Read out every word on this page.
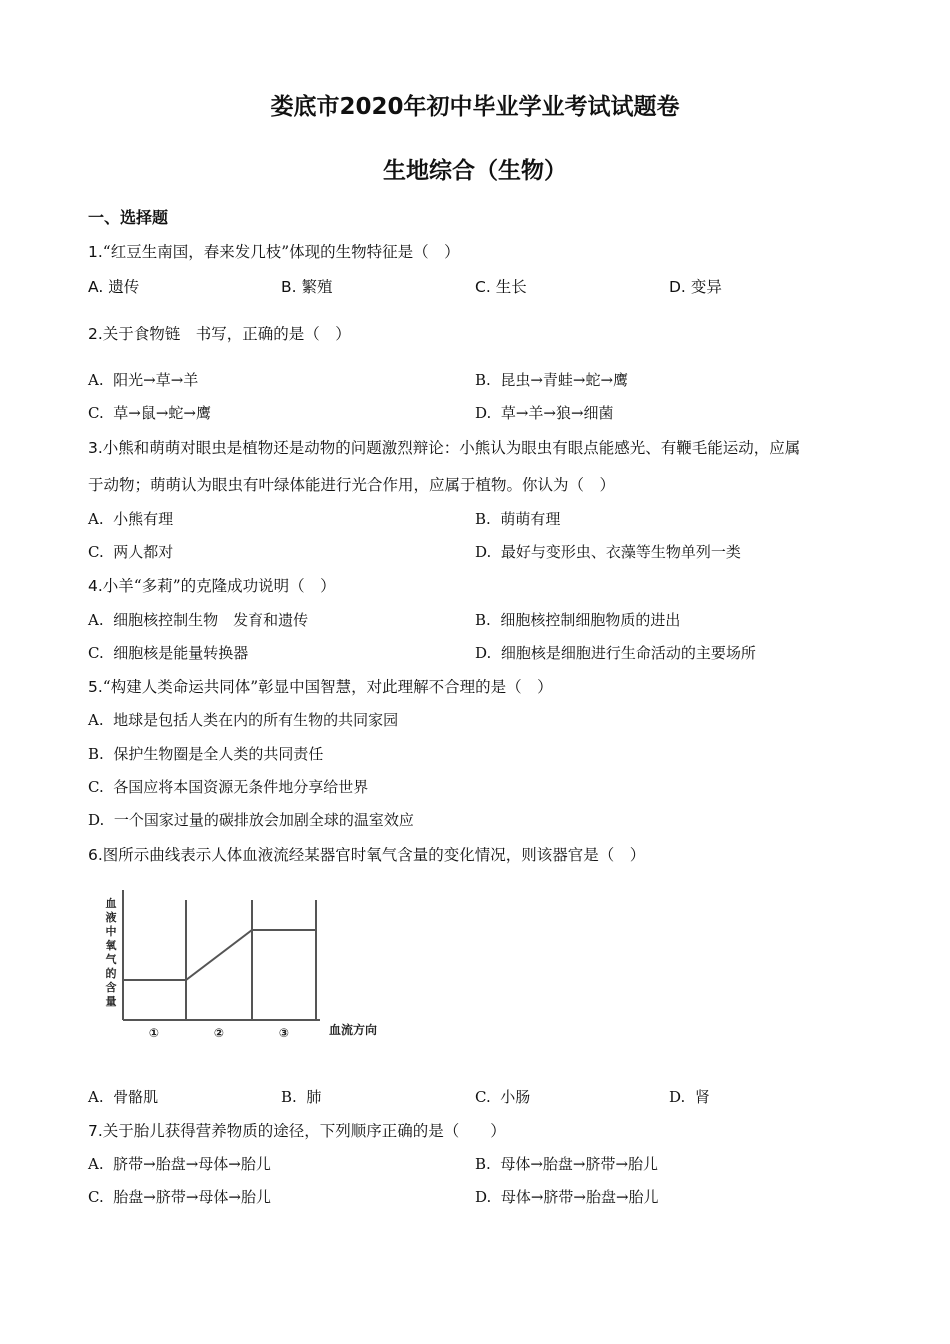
娄底市2020年初中毕业学业考试试题卷
生地综合（生物）
一、选择题
1.“红豆生南国，春来发几枝”体现的生物特征是（　）
A. 遗传	B. 繁殖	C. 生长	D. 变异
2.关于食物链　书写，正确的是（　）
A. 阳光→草→羊	B. 昆虫→青蛙→蛇→鹰
C. 草→鼠→蛇→鹰	D. 草→羊→狼→细菌
3.小熊和萌萌对眼虫是植物还是动物的问题激烈辩论：小熊认为眼虫有眼点能感光、有鞭毛能运动，应属
于动物；萌萌认为眼虫有叶绿体能进行光合作用，应属于植物。你认为（　）
A. 小熊有理	B. 萌萌有理
C. 两人都对	D. 最好与变形虫、衣藻等生物单列一类
4.小羊“多莉”的克隆成功说明（　）
A. 细胞核控制生物　发育和遗传	B. 细胞核控制细胞物质的进出
C. 细胞核是能量转换器	D. 细胞核是细胞进行生命活动的主要场所
5.“构建人类命运共同体”彰显中国智慧，对此理解不合理的是（　）
A. 地球是包括人类在内的所有生物的共同家园
B. 保护生物圈是全人类的共同责任
C. 各国应将本国资源无条件地分享给世界
D. 一个国家过量的碳排放会加剧全球的温室效应
6.图所示曲线表示人体血液流经某器官时氧气含量的变化情况，则该器官是（　）
血
液
中
氧
气
的
含
量
①	②	③	血流方向
A. 骨骼肌	B. 肺	C. 小肠	D. 肾
7.关于胎儿获得营养物质的途径，下列顺序正确的是（　　）
A. 脐带→胎盘→母体→胎儿	B. 母体→胎盘→脐带→胎儿
C. 胎盘→脐带→母体→胎儿	D. 母体→脐带→胎盘→胎儿
